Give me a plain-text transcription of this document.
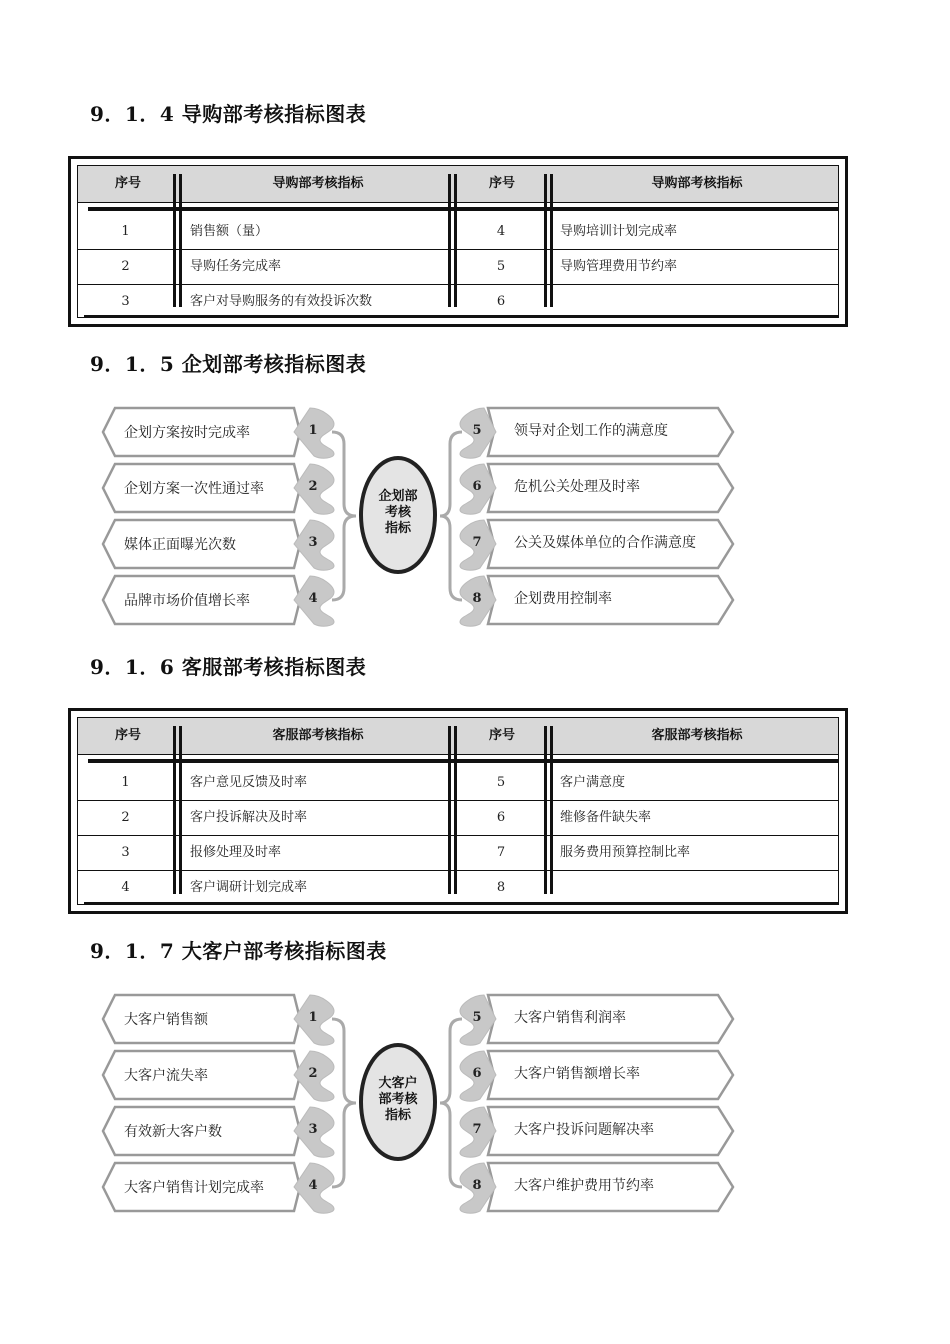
9．1．4 导购部考核指标图表
序号	导购部考核指标	序号	导购部考核指标
1	销售额（量）	4	导购培训计划完成率
2	导购任务完成率	5	导购管理费用节约率
3	客户对导购服务的有效投诉次数	6
9．1．5 企划部考核指标图表
企划部
考核
指标
企划方案按时完成率	1
企划方案一次性通过率	2
媒体正面曝光次数	3
品牌市场价值增长率	4
领导对企划工作的满意度
5
危机公关处理及时率
6
公关及媒体单位的合作满意度
7
企划费用控制率
8
9．1．6 客服部考核指标图表
序号	客服部考核指标	序号	客服部考核指标
1	客户意见反馈及时率	5	客户满意度
2	客户投诉解决及时率	6	维修备件缺失率
3	报修处理及时率	7	服务费用预算控制比率
4	客户调研计划完成率	8
9．1．7 大客户部考核指标图表
大客户
部考核
指标
大客户销售额	1
大客户流失率	2
有效新大客户数	3
大客户销售计划完成率	4
大客户销售利润率
5
大客户销售额增长率
6
大客户投诉问题解决率
7
大客户维护费用节约率
8
